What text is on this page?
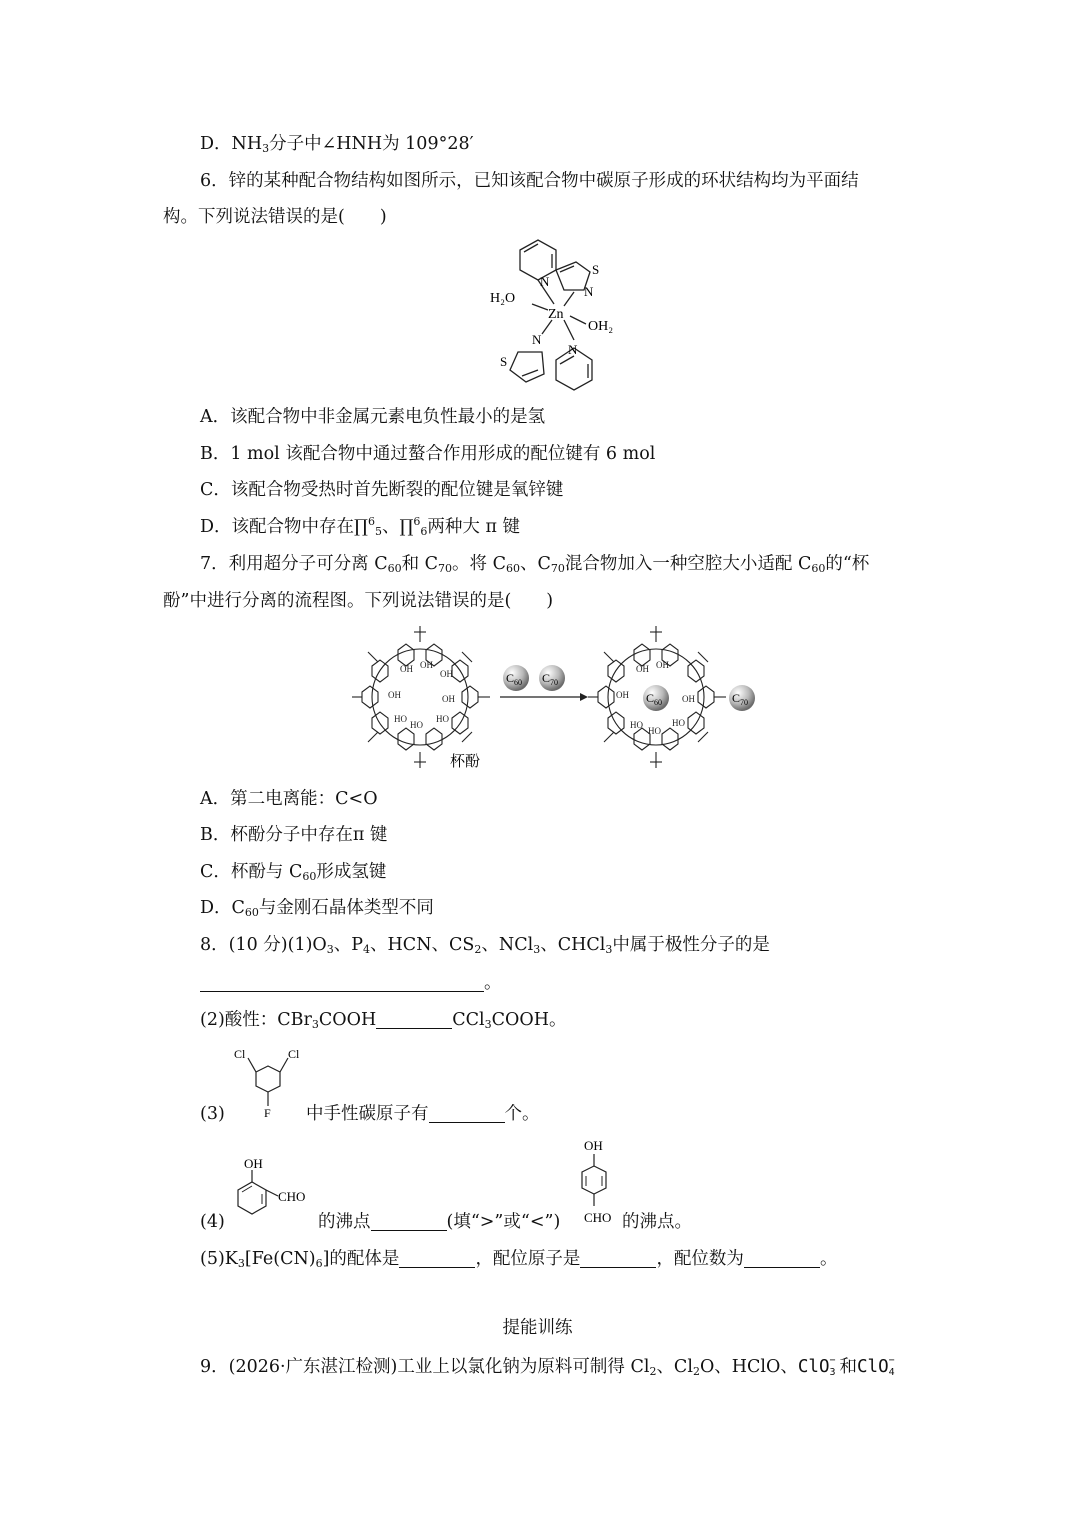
D．$NH_3$分子中∠HNH为 109°28′
6．锌的某种配合物结构如图所示，已知该配合物中碳原子形成的环状结构均为平面结
构。下列说法错误的是(　　)
H₂O
Zn
OH₂
N
N
S
N
N
S
A．该配合物中非金属元素电负性最小的是氢
B．1 mol 该配合物中通过螯合作用形成的配位键有 6 mol
C．该配合物受热时首先断裂的配位键是氧锌键
D．该配合物中存在∏$^6_5$、∏$^6_6$两种大 π 键
7．利用超分子可分离 $C_{60}$和 $C_{70}$。将 $C_{60}$、$C_{70}$混合物加入一种空腔大小适配 $C_{60}$的“杯
酚”中进行分离的流程图。下列说法错误的是(　　)
OH OH
OH
OH	OH
HO
HO
HO
杯酚
$C_{60}$ $C_{70}$
OH OH
OH	OH
HO
HO
HO
$C_{60}$	$C_{70}$
A．第二电离能：C<O
B．杯酚分子中存在π 键
C．杯酚与 $C_{60}$形成氢键
D．$C_{60}$与金刚石晶体类型不同
8．(10 分)$(1)O_3$、$P_4$、HCN、$CS_2$、NCl$_3$、CHCl$_3$中属于极性分子的是
。
(2)酸性：CBr$_3$COOH	CCl$_3$COOH。
(3)
Cl	Cl
F 中手性碳原子有	个。
(4)
OH
CHO
的沸点	(填“>”或“<”)
OH
CHO 的沸点。
$(5)K_3[Fe(CN)_6]$的配体是	，配位原子是	，配位数为	。
提能训练
9．(2026·广东湛江检测)工业上以氯化钠为原料可制得 $Cl_2$、$Cl_2O$、HClO、ClO −
3 和ClO −
4
